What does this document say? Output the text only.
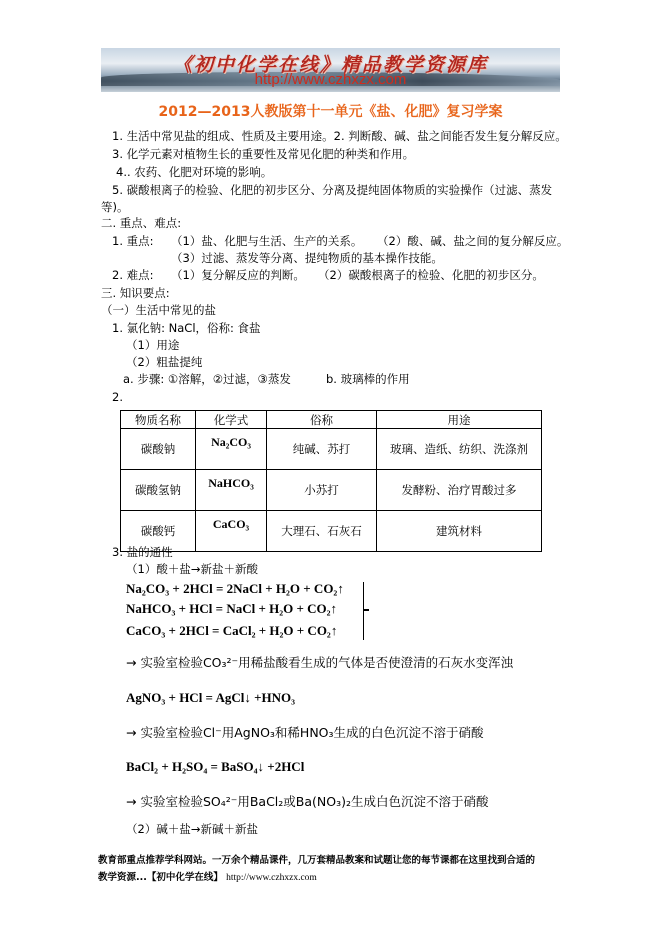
《初中化学在线》精品教学资源库
http://www.czhxzx.com
2012—2013人教版第十一单元《盐、化肥》复习学案
1. 生活中常见盐的组成、性质及主要用途。2. 判断酸、碱、盐之间能否发生复分解反应。
3. 化学元素对植物生长的重要性及常见化肥的种类和作用。
4.. 农药、化肥对环境的影响。
5. 碳酸根离子的检验、化肥的初步区分、分离及提纯固体物质的实验操作（过滤、蒸发
等)。
二. 重点、难点:
1. 重点: （1）盐、化肥与生活、生产的关系。 （2）酸、碱、盐之间的复分解反应。
（3）过滤、蒸发等分离、提纯物质的基本操作技能。
2. 难点: （1）复分解反应的判断。 （2）碳酸根离子的检验、化肥的初步区分。
三. 知识要点:
（一）生活中常见的盐
1. 氯化钠: NaCl，俗称: 食盐
（1）用途
（2）粗盐提纯
a. 步骤: ①溶解，②过滤，③蒸发	b. 玻璃棒的作用
2.
物质名称	化学式	俗称	用途
碳酸钠	Na₂CO₃	纯碱、苏打	玻璃、造纸、纺织、洗涤剂
碳酸氢钠	NaHCO₃	小苏打	发酵粉、治疗胃酸过多
碳酸钙	CaCO₃	大理石、石灰石	建筑材料
3. 盐的通性
（1）酸＋盐→新盐＋新酸
Na₂CO₃ + 2HCl = 2NaCl + H₂O + CO₂↑
NaHCO₃ + HCl = NaCl + H₂O + CO₂↑
CaCO₃ + 2HCl = CaCl₂ + H₂O + CO₂↑
→ 实验室检验CO₃²⁻用稀盐酸看生成的气体是否使澄清的石灰水变浑浊
AgNO₃ + HCl = AgCl↓ +HNO₃
→ 实验室检验Cl⁻用AgNO₃和稀HNO₃生成的白色沉淀不溶于硝酸
BaCl₂ + H₂SO₄ = BaSO₄↓ +2HCl
→ 实验室检验SO₄²⁻用BaCl₂或Ba(NO₃)₂生成白色沉淀不溶于硝酸
（2）碱＋盐→新碱＋新盐
教育部重点推荐学科网站。一万余个精品课件，几万套精品教案和试题让您的每节课都在这里找到合适的
教学资源...【初中化学在线】 http://www.czhxzx.com
